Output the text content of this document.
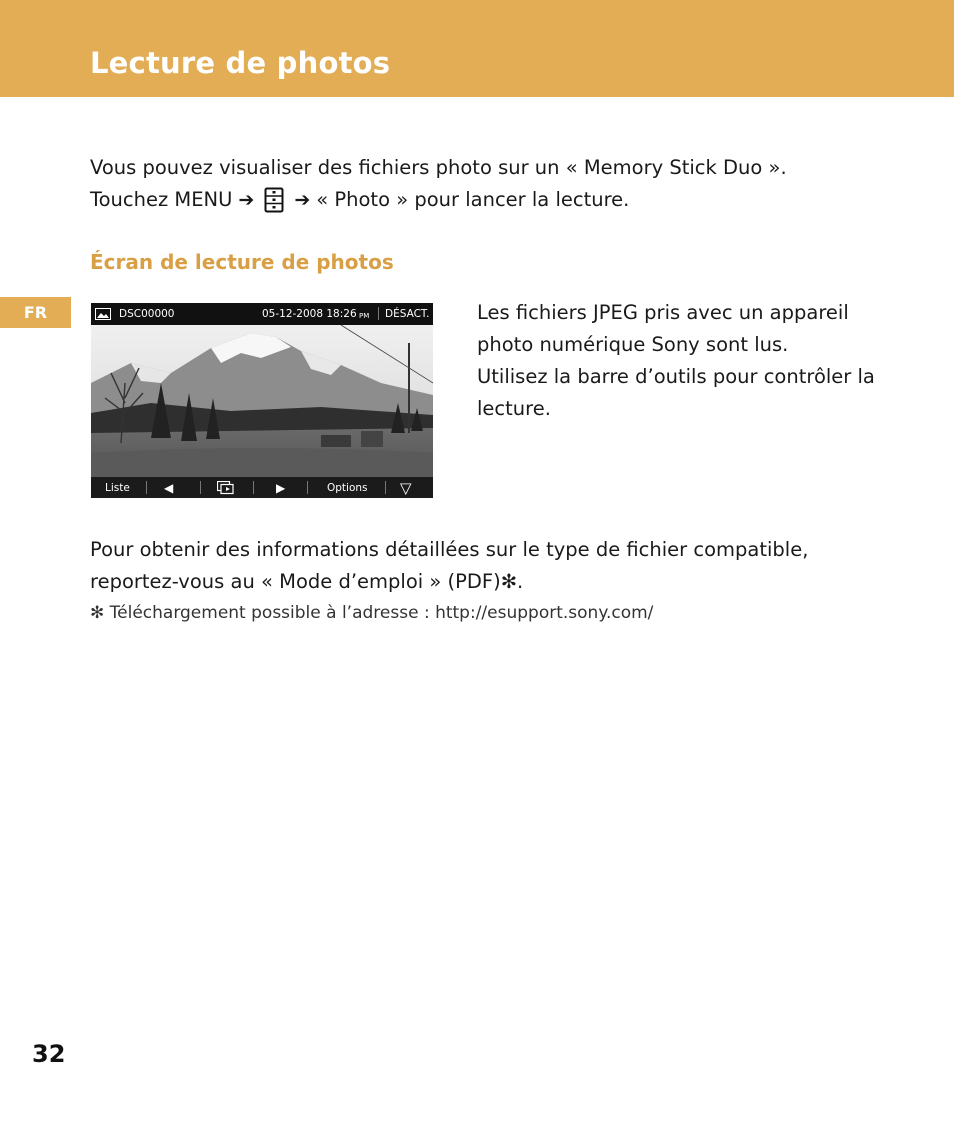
Lecture de photos

Vous pouvez visualiser des fichiers photo sur un « Memory Stick Duo ».

Touchez MENU ➔ ➔ « Photo » pour lancer la lecture.

Écran de lecture de photos
FR	DSC00000	05-12-2008 18:26 PM DÉSACT.
Liste	◀	▶	Options ▽
Les fichiers JPEG pris avec un appareil
photo numérique Sony sont lus.
Utilisez la barre d’outils pour contrôler la
lecture.

Pour obtenir des informations détaillées sur le type de fichier compatible,

reportez-vous au « Mode d’emploi » (PDF)✻.

✻ Téléchargement possible à l’adresse : http://esupport.sony.com/
32
